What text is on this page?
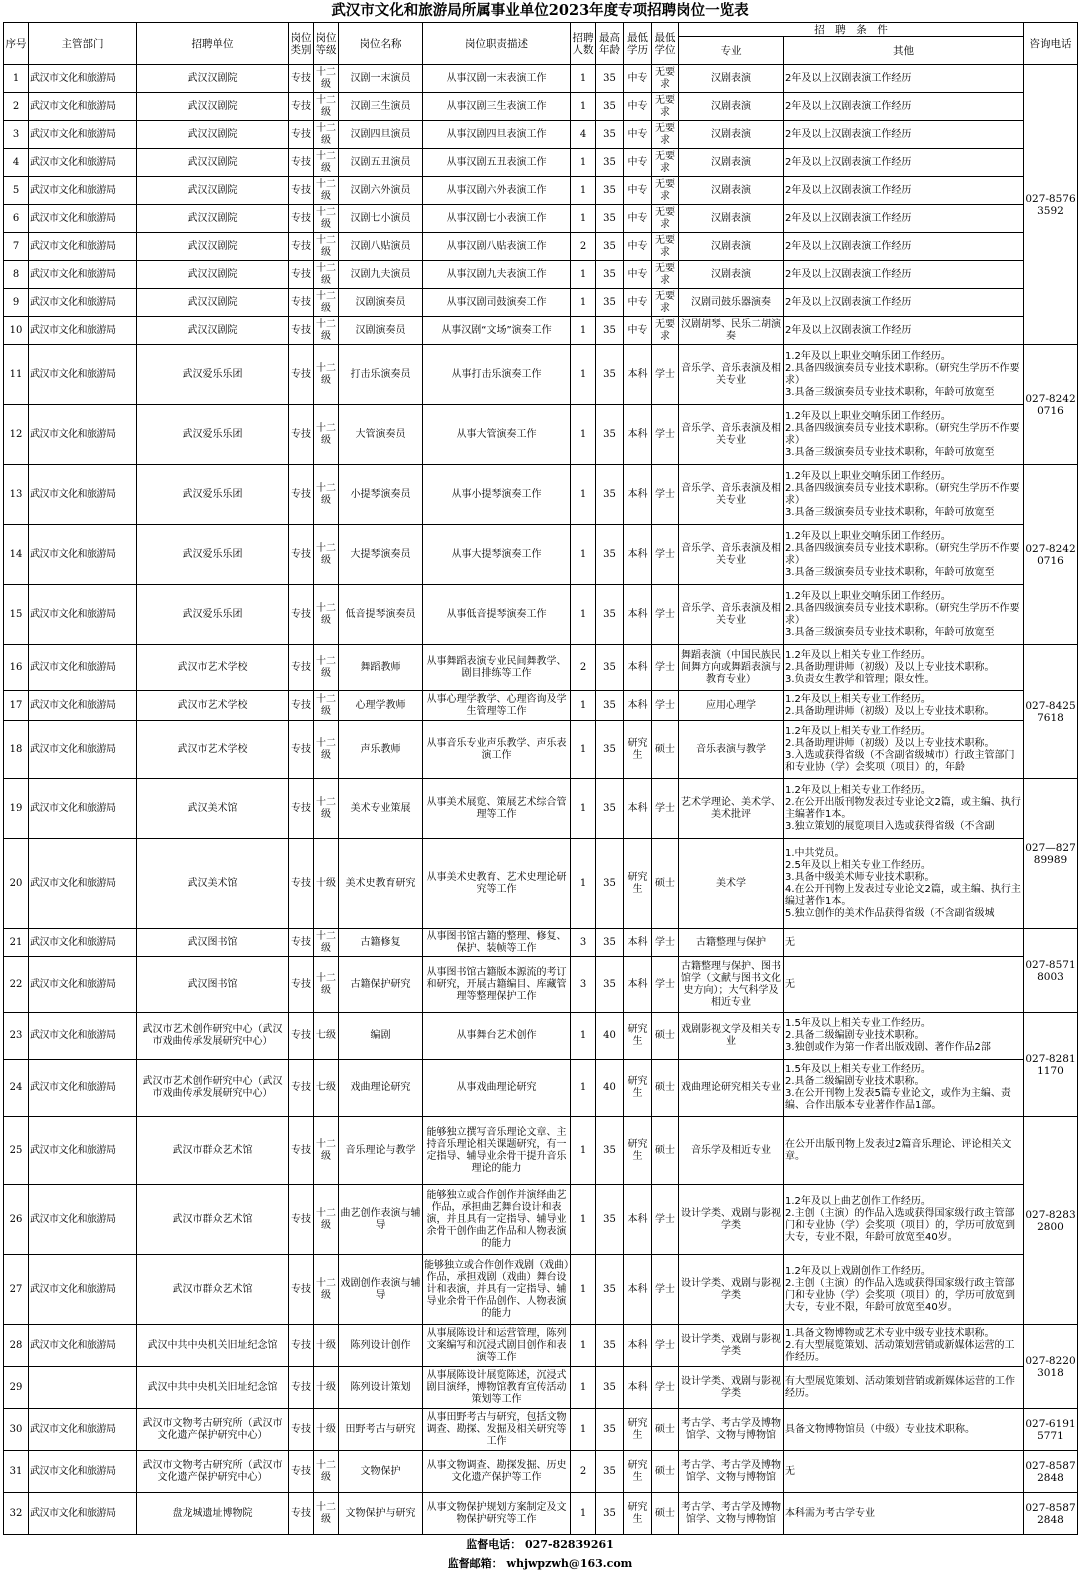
武汉市文化和旅游局所属事业单位2023年度专项招聘岗位一览表
序号	主管部门	招聘单位	岗位类别	岗位等级	岗位名称	岗位职责描述	招聘人数	最高年龄	最低学历	最低学位	招　聘　条　件		咨询电话
											专业	其他	
1	武汉市文化和旅游局	武汉汉剧院	专技	十二级	汉剧一末演员	从事汉剧一末表演工作	1	35	中专	无要求	汉剧表演	2年及以上汉剧表演工作经历	027-85763592
2	武汉市文化和旅游局	武汉汉剧院	专技	十二级	汉剧三生演员	从事汉剧三生表演工作	1	35	中专	无要求	汉剧表演	2年及以上汉剧表演工作经历	
3	武汉市文化和旅游局	武汉汉剧院	专技	十二级	汉剧四旦演员	从事汉剧四旦表演工作	4	35	中专	无要求	汉剧表演	2年及以上汉剧表演工作经历	
4	武汉市文化和旅游局	武汉汉剧院	专技	十二级	汉剧五丑演员	从事汉剧五丑表演工作	1	35	中专	无要求	汉剧表演	2年及以上汉剧表演工作经历	
5	武汉市文化和旅游局	武汉汉剧院	专技	十二级	汉剧六外演员	从事汉剧六外表演工作	1	35	中专	无要求	汉剧表演	2年及以上汉剧表演工作经历	
6	武汉市文化和旅游局	武汉汉剧院	专技	十二级	汉剧七小演员	从事汉剧七小表演工作	1	35	中专	无要求	汉剧表演	2年及以上汉剧表演工作经历	
7	武汉市文化和旅游局	武汉汉剧院	专技	十二级	汉剧八贴演员	从事汉剧八贴表演工作	2	35	中专	无要求	汉剧表演	2年及以上汉剧表演工作经历	
8	武汉市文化和旅游局	武汉汉剧院	专技	十二级	汉剧九夫演员	从事汉剧九夫表演工作	1	35	中专	无要求	汉剧表演	2年及以上汉剧表演工作经历	
9	武汉市文化和旅游局	武汉汉剧院	专技	十二级	汉剧演奏员	从事汉剧司鼓演奏工作	1	35	中专	无要求	汉剧司鼓乐器演奏	2年及以上汉剧表演工作经历	
10	武汉市文化和旅游局	武汉汉剧院	专技	十二级	汉剧演奏员	从事汉剧“文场”演奏工作	1	35	中专	无要求	汉剧胡琴、民乐二胡演奏	2年及以上汉剧表演工作经历	
11	武汉市文化和旅游局	武汉爱乐乐团	专技	十二级	打击乐演奏员	从事打击乐演奏工作	1	35	本科	学士	音乐学、音乐表演及相关专业	1.2年及以上职业交响乐团工作经历。
2.具备四级演奏员专业技术职称。（研究生学历不作要求）
3.具备三级演奏员专业技术职称，年龄可放宽至	027-82420716
12	武汉市文化和旅游局	武汉爱乐乐团	专技	十二级	大管演奏员	从事大管演奏工作	1	35	本科	学士	音乐学、音乐表演及相关专业	1.2年及以上职业交响乐团工作经历。
2.具备四级演奏员专业技术职称。（研究生学历不作要求）
3.具备三级演奏员专业技术职称，年龄可放宽至	
13	武汉市文化和旅游局	武汉爱乐乐团	专技	十二级	小提琴演奏员	从事小提琴演奏工作	1	35	本科	学士	音乐学、音乐表演及相关专业	1.2年及以上职业交响乐团工作经历。
2.具备四级演奏员专业技术职称。（研究生学历不作要求）
3.具备三级演奏员专业技术职称，年龄可放宽至	027-82420716
14	武汉市文化和旅游局	武汉爱乐乐团	专技	十二级	大提琴演奏员	从事大提琴演奏工作	1	35	本科	学士	音乐学、音乐表演及相关专业	1.2年及以上职业交响乐团工作经历。
2.具备四级演奏员专业技术职称。（研究生学历不作要求）
3.具备三级演奏员专业技术职称，年龄可放宽至	
15	武汉市文化和旅游局	武汉爱乐乐团	专技	十二级	低音提琴演奏员	从事低音提琴演奏工作	1	35	本科	学士	音乐学、音乐表演及相关专业	1.2年及以上职业交响乐团工作经历。
2.具备四级演奏员专业技术职称。（研究生学历不作要求）
3.具备三级演奏员专业技术职称，年龄可放宽至	
16	武汉市文化和旅游局	武汉市艺术学校	专技	十二级	舞蹈教师	从事舞蹈表演专业民间舞教学、剧目排练等工作	2	35	本科	学士	舞蹈表演（中国民族民间舞方向或舞蹈表演与教育专业）	1.2年及以上相关专业工作经历。
2.具备助理讲师（初级）及以上专业技术职称。
3.负责女生教学和管理；限女性。	027-84257618
17	武汉市文化和旅游局	武汉市艺术学校	专技	十二级	心理学教师	从事心理学教学、心理咨询及学生管理等工作	1	35	本科	学士	应用心理学	1.2年及以上相关专业工作经历。
2.具备助理讲师（初级）及以上专业技术职称。	
18	武汉市文化和旅游局	武汉市艺术学校	专技	十二级	声乐教师	从事音乐专业声乐教学、声乐表演工作	1	35	研究生	硕士	音乐表演与教学	1.2年及以上相关专业工作经历。
2.具备助理讲师（初级）及以上专业技术职称。
3.入选或获得省级（不含副省级城市）行政主管部门和专业协（学）会奖项（项目）的，年龄	
19	武汉市文化和旅游局	武汉美术馆	专技	十二级	美术专业策展	从事美术展览、策展艺术综合管理等工作	1	35	本科	学士	艺术学理论、美术学、美术批评	1.2年及以上相关专业工作经历。
2.在公开出版刊物发表过专业论文2篇，或主编、执行主编著作1本。
3.独立策划的展览项目入选或获得省级（不含副	027—82789989
20	武汉市文化和旅游局	武汉美术馆	专技	十级	美术史教育研究	从事美术史教育、艺术史理论研究等工作	1	35	研究生	硕士	美术学	1.中共党员。
2.5年及以上相关专业工作经历。
3.具备中级美术师专业技术职称。
4.在公开刊物上发表过专业论文2篇，或主编、执行主编过著作1本。
5.独立创作的美术作品获得省级（不含副省级城	
21	武汉市文化和旅游局	武汉图书馆	专技	十二级	古籍修复	从事图书馆古籍的整理、修复、保护、装帧等工作	3	35	本科	学士	古籍整理与保护	无	027-85718003
22	武汉市文化和旅游局	武汉图书馆	专技	十二级	古籍保护研究	从事图书馆古籍版本源流的考订和研究，开展古籍编目、库藏管理等整理保护工作	3	35	本科	学士	古籍整理与保护、图书馆学（文献与图书文化史方向）；大气科学及相近专业	无	
23	武汉市文化和旅游局	武汉市艺术创作研究中心（武汉市戏曲传承发展研究中心）	专技	七级	编剧	从事舞台艺术创作	1	40	研究生	硕士	戏剧影视文学及相关专业	1.5年及以上相关专业工作经历。
2.具备二级编剧专业技术职称。
3.独创或作为第一作者出版戏剧、著作作品2部	027-82811170
24	武汉市文化和旅游局	武汉市艺术创作研究中心（武汉市戏曲传承发展研究中心）	专技	七级	戏曲理论研究	从事戏曲理论研究	1	40	研究生	硕士	戏曲理论研究相关专业	1.5年及以上相关专业工作经历。
2.具备二级编剧专业技术职称。
3.在公开刊物上发表5篇专业论文，或作为主编、责编、合作出版本专业著作作品1部。	
25	武汉市文化和旅游局	武汉市群众艺术馆	专技	十二级	音乐理论与教学	能够独立撰写音乐理论文章、主持音乐理论相关课题研究，有一定指导、辅导业余骨干提升音乐理论的能力	1	35	研究生	硕士	音乐学及相近专业	在公开出版刊物上发表过2篇音乐理论、评论相关文章。	027-82832800
26	武汉市文化和旅游局	武汉市群众艺术馆	专技	十二级	曲艺创作表演与辅导	能够独立或合作创作并演绎曲艺作品，承担曲艺舞台设计和表演，并且具有一定指导、辅导业余骨干创作曲艺作品和人物表演的能力	1	35	本科	学士	设计学类、戏剧与影视学类	1.2年及以上曲艺创作工作经历。
2.主创（主演）的作品入选或获得国家级行政主管部门和专业协（学）会奖项（项目）的，学历可放宽到大专，专业不限，年龄可放宽至40岁。	
27	武汉市文化和旅游局	武汉市群众艺术馆	专技	十二级	戏剧创作表演与辅导	能够独立或合作创作戏剧（戏曲）作品，承担戏剧（戏曲）舞台设计和表演，并具有一定指导、辅导业余骨干作品创作、人物表演的能力	1	35	本科	学士	设计学类、戏剧与影视学类	1.2年及以上戏剧创作工作经历。
2.主创（主演）的作品入选或获得国家级行政主管部门和专业协（学）会奖项（项目）的，学历可放宽到大专，专业不限，年龄可放宽至40岁。	
28	武汉市文化和旅游局	武汉中共中央机关旧址纪念馆	专技	十级	陈列设计创作	从事展陈设计和运营管理，陈列文案编写和沉浸式剧目创作和表演等工作	1	35	本科	学士	设计学类、戏剧与影视学类	1.具备文物博物或艺术专业中级专业技术职称。
2.有大型展览策划、活动策划营销或新媒体运营的工作经历。	027-82203018
29		武汉中共中央机关旧址纪念馆	专技	十级	陈列设计策划	从事展陈设计展览陈述，沉浸式剧目演绎，博物馆教育宣传活动策划等工作	1	35	本科	学士	设计学类、戏剧与影视学类	有大型展览策划、活动策划营销或新媒体运营的工作经历。	
30	武汉市文化和旅游局	武汉市文物考古研究所（武汉市文化遗产保护研究中心）	专技	十级	田野考古与研究	从事田野考古与研究，包括文物调查、勘探、发掘及相关研究等工作	1	35	研究生	硕士	考古学、考古学及博物馆学、文物与博物馆	具备文物博物馆员（中级）专业技术职称。	027-61915771
31	武汉市文化和旅游局	武汉市文物考古研究所（武汉市文化遗产保护研究中心）	专技	十二级	文物保护	从事文物调查、勘探发掘、历史文化遗产保护等工作	2	35	研究生	硕士	考古学、考古学及博物馆学、文物与博物馆	无	027-85872848
32	武汉市文化和旅游局	盘龙城遗址博物院	专技	十二级	文物保护与研究	从事文物保护规划方案制定及文物保护研究等工作	1	35	研究生	硕士	考古学、考古学及博物馆学、文物与博物馆	本科需为考古学专业	027-85872848
监督电话： 027-82839261
监督邮箱： whjwpzwh@163.com
